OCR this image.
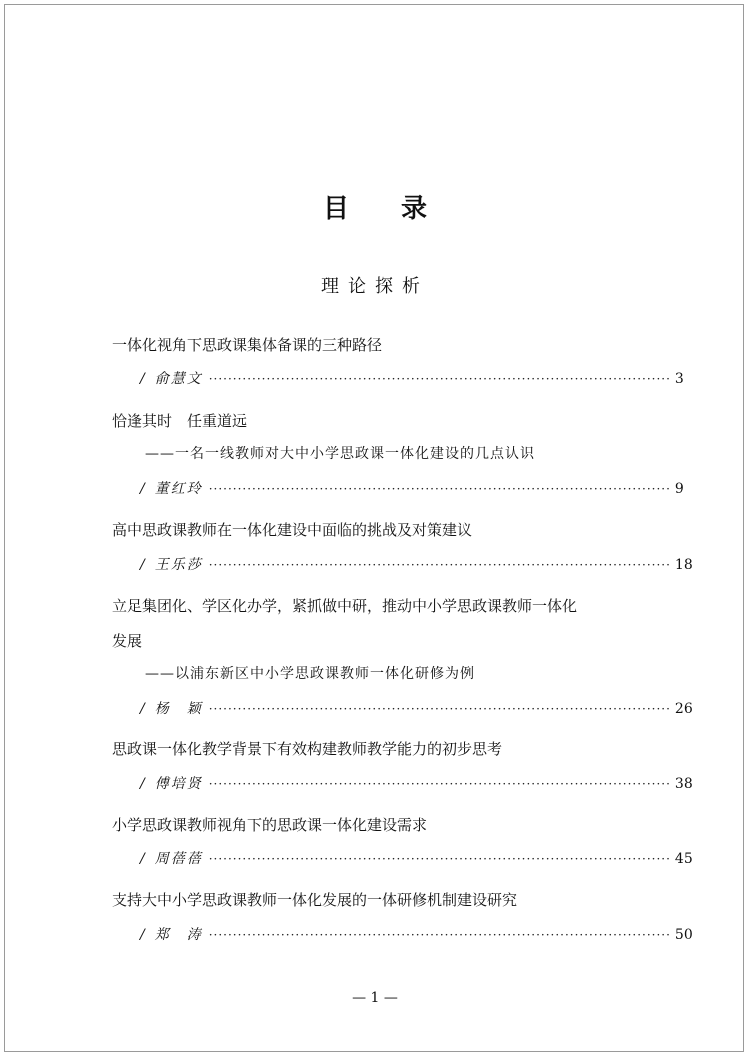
目 录
理论探析
一体化视角下思政课集体备课的三种路径
/ 俞慧文 ································································································ 3
恰逢其时　任重道远
——一名一线教师对大中小学思政课一体化建设的几点认识
/ 董红玲 ································································································ 9
高中思政课教师在一体化建设中面临的挑战及对策建议
/ 王乐莎 ································································································ 18
立足集团化、学区化办学，紧抓做中研，推动中小学思政课教师一体化
发展
——以浦东新区中小学思政课教师一体化研修为例
/ 杨　颖 ································································································ 26
思政课一体化教学背景下有效构建教师教学能力的初步思考
/ 傅培贤 ································································································ 38
小学思政课教师视角下的思政课一体化建设需求
/ 周蓓蓓 ································································································ 45
支持大中小学思政课教师一体化发展的一体研修机制建设研究
/ 郑　涛 ································································································ 50
— 1 —
